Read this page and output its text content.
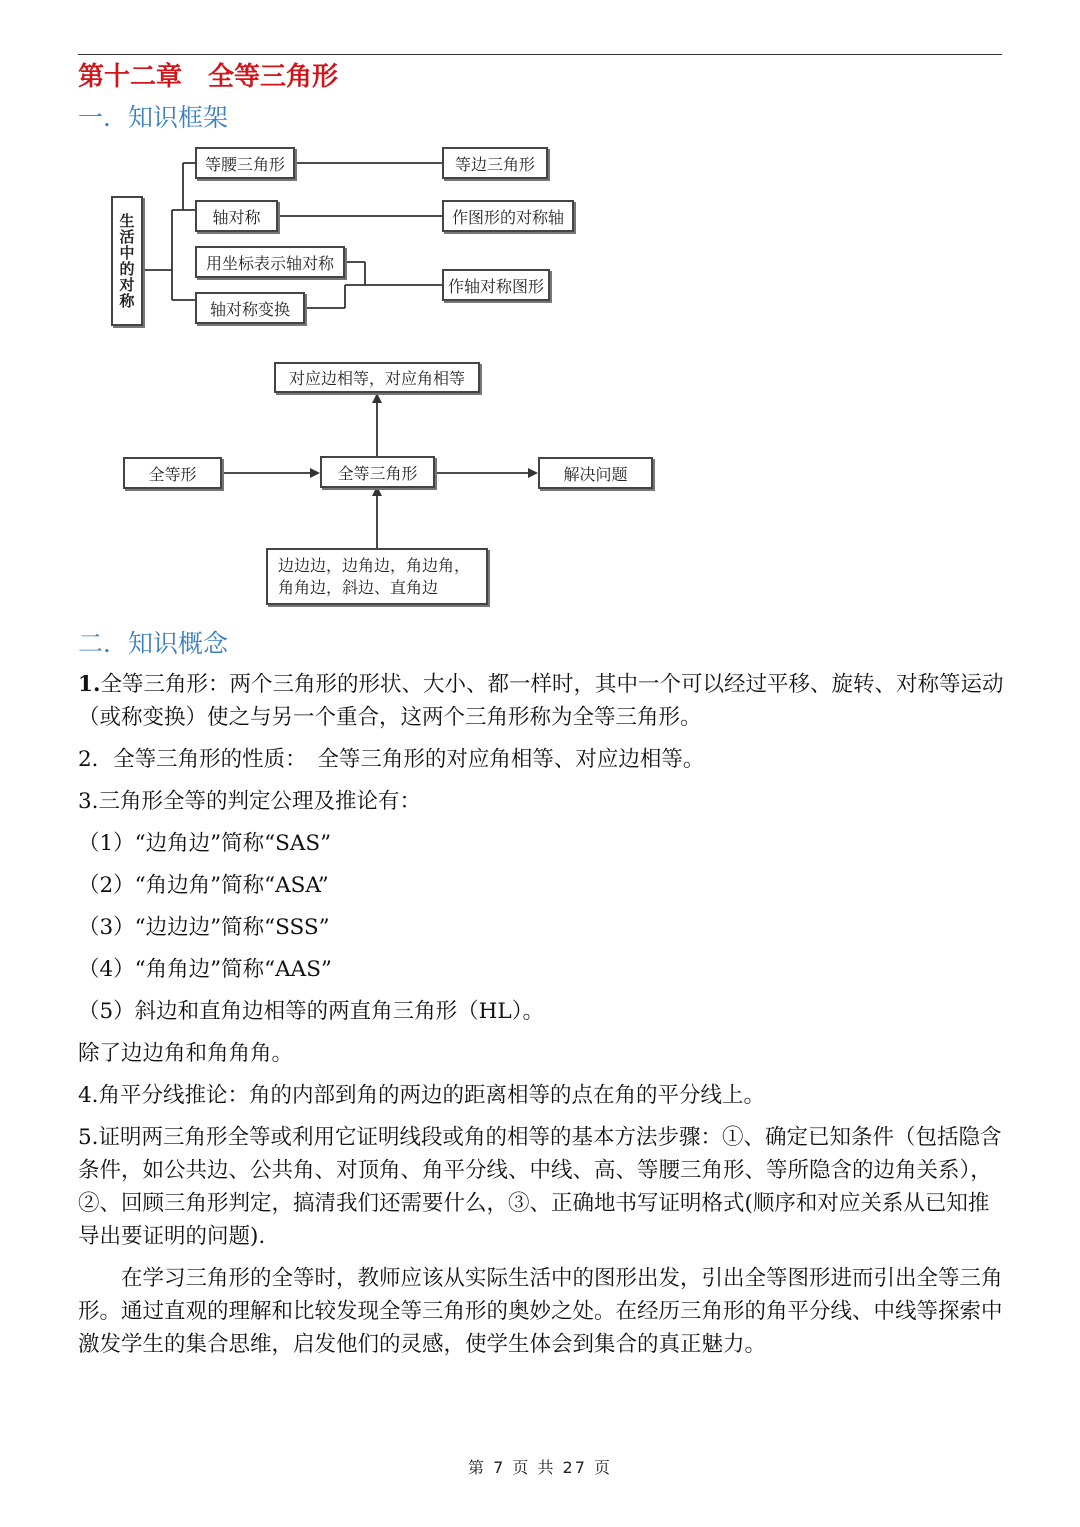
第十二章　全等三角形
一．知识框架
生活中的对称
等腰三角形	等边三角形
轴对称	作图形的对称轴
用坐标表示轴对称
作轴对称图形
轴对称变换
对应边相等，对应角相等
全等形	全等三角形	解决问题
边边边，边角边，角边角，
角角边，斜边、直角边
二．知识概念
1.全等三角形：两个三角形的形状、大小、都一样时，其中一个可以经过平移、旋转、对称等运动（或称变换）使之与另一个重合，这两个三角形称为全等三角形。
2．全等三角形的性质：　全等三角形的对应角相等、对应边相等。
3.三角形全等的判定公理及推论有：
（1）“边角边”简称“SAS”
（2）“角边角”简称“ASA”
（3）“边边边”简称“SSS”
（4）“角角边”简称“AAS”
（5）斜边和直角边相等的两直角三角形（HL）。
除了边边角和角角角。
4.角平分线推论：角的内部到角的两边的距离相等的点在角的平分线上。
5.证明两三角形全等或利用它证明线段或角的相等的基本方法步骤：①、确定已知条件（包括隐含条件，如公共边、公共角、对顶角、角平分线、中线、高、等腰三角形、等所隐含的边角关系），②、回顾三角形判定，搞清我们还需要什么，③、正确地书写证明格式(顺序和对应关系从已知推导出要证明的问题).
在学习三角形的全等时，教师应该从实际生活中的图形出发，引出全等图形进而引出全等三角形。通过直观的理解和比较发现全等三角形的奥妙之处。在经历三角形的角平分线、中线等探索中激发学生的集合思维，启发他们的灵感，使学生体会到集合的真正魅力。
第 7 页 共 27 页
